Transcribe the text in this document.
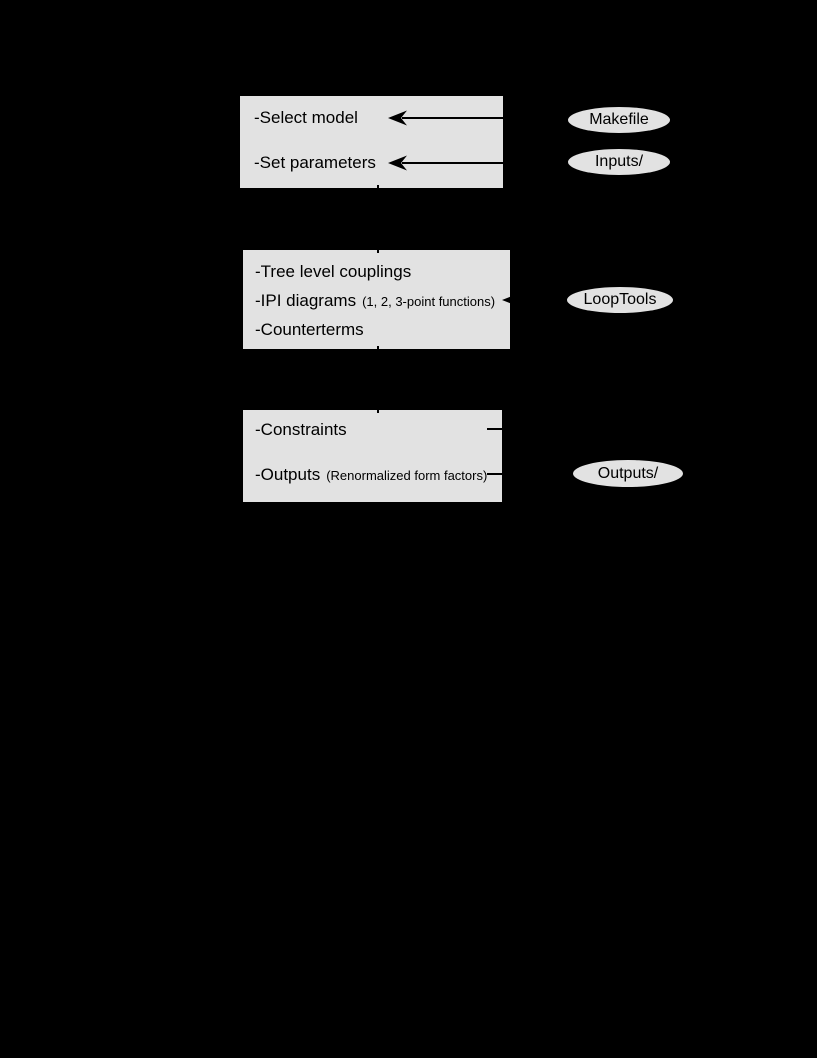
-Select model
-Set parameters
-Tree level couplings
-IPI diagrams (1, 2, 3-point functions)
-Counterterms
-Constraints
-Outputs (Renormalized form factors)
Makefile
Inputs/
LoopTools
Outputs/
